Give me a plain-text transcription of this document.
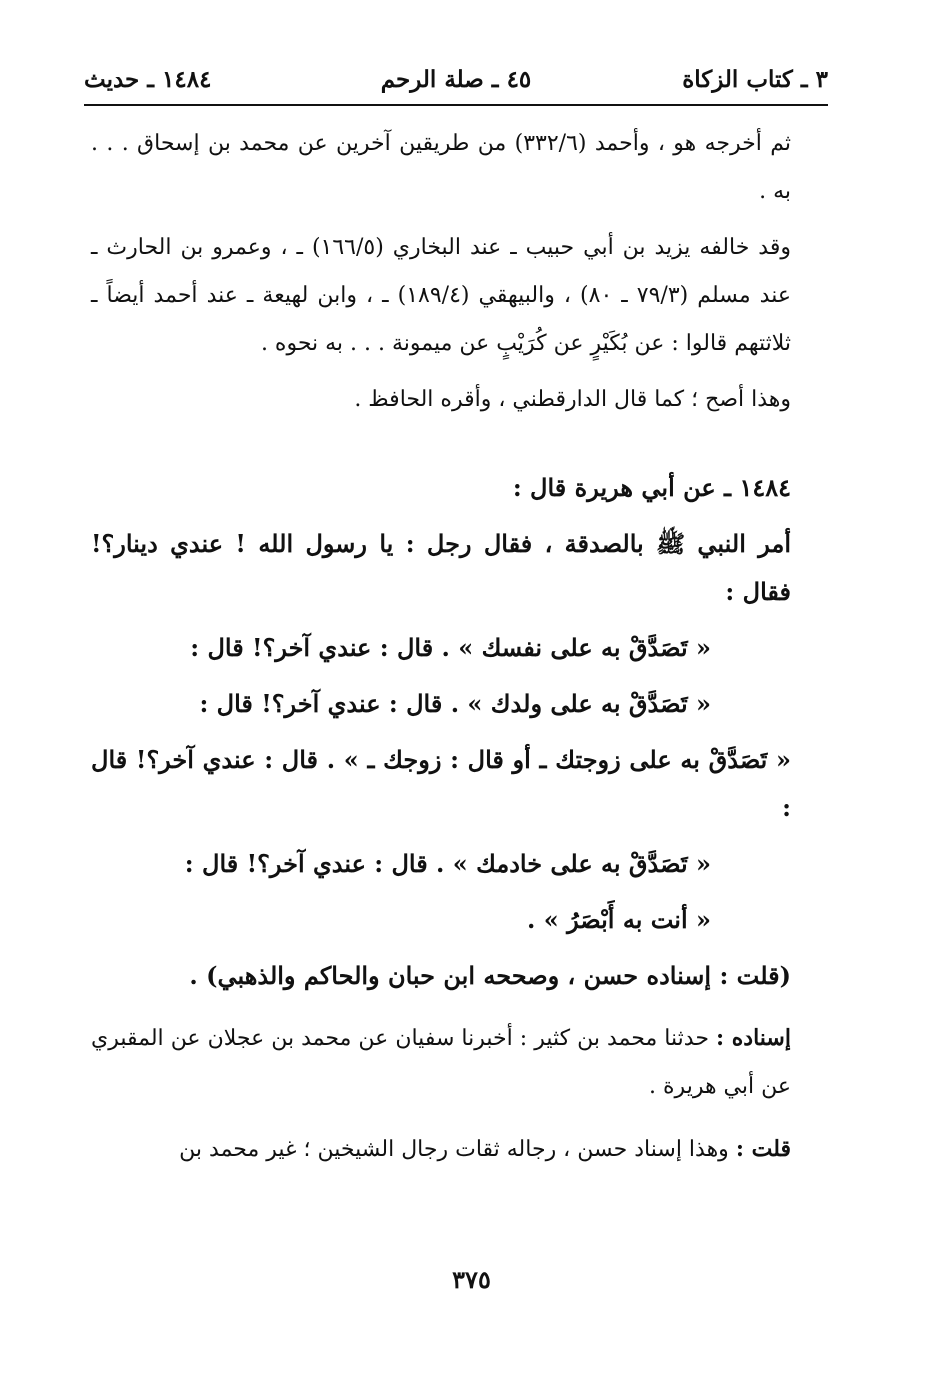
٣ ـ كتاب الزكاة
٤٥ ـ صلة الرحم
١٤٨٤ ـ حديث

ثم أخرجه هو ، وأحمد (٣٣٢/٦) من طريقين آخرين عن محمد بن إسحاق . . . به .

وقد خالفه يزيد بن أبي حبيب ـ عند البخاري (١٦٦/٥) ـ ، وعمرو بن الحارث ـ عند مسلم (٧٩/٣ ـ ٨٠) ، والبيهقي (١٨٩/٤) ـ ، وابن لهيعة ـ عند أحمد أيضاً ـ ثلاثتهم قالوا : عن بُكَيْرٍ عن كُرَيْبٍ عن ميمونة . . . به نحوه .

وهذا أصح ؛ كما قال الدارقطني ، وأقره الحافظ .

١٤٨٤ ـ عن أبي هريرة قال :

أمر النبي ﷺ بالصدقة ، فقال رجل : يا رسول الله ! عندي دينار؟! فقال :

« تَصَدَّقْ به على نفسك » . قال : عندي آخر؟! قال :

« تَصَدَّقْ به على ولدك » . قال : عندي آخر؟! قال :

« تَصَدَّقْ به على زوجتك ـ أو قال : زوجك ـ » . قال : عندي آخر؟! قال :

« تَصَدَّقْ به على خادمك » . قال : عندي آخر؟! قال :

« أنت به أَبْصَرُ » .

(قلت : إسناده حسن ، وصححه ابن حبان والحاكم والذهبي) .

إسناده : حدثنا محمد بن كثير : أخبرنا سفيان عن محمد بن عجلان عن المقبري عن أبي هريرة .

قلت : وهذا إسناد حسن ، رجاله ثقات رجال الشيخين ؛ غير محمد بن

٣٧٥
